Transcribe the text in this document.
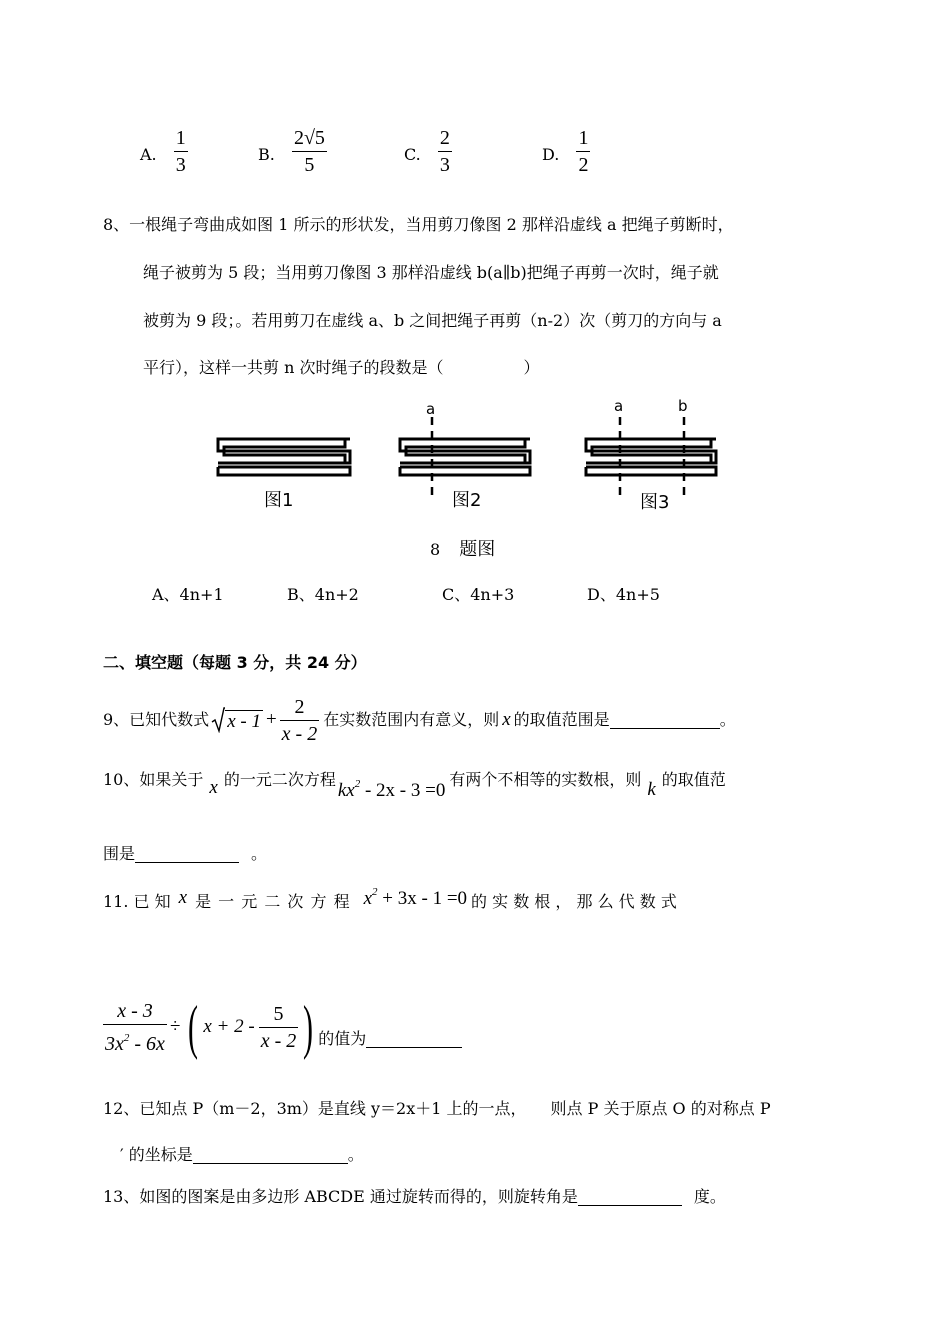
A. $\frac{1}{3}$	B. $\frac{2√5}{5}$	C. $\frac{2}{3}$	D. $\frac{1}{2}$
8、一根绳子弯曲成如图 1 所示的形状发，当用剪刀像图 2 那样沿虚线 a 把绳子剪断时，
绳子被剪为 5 段；当用剪刀像图 3 那样沿虚线 b(a∥b)把绳子再剪一次时，绳子就
被剪为 9 段；。若用剪刀在虚线 a、b 之间把绳子再剪（n-2）次（剪刀的方向与 a
平行），这样一共剪 n 次时绳子的段数是（　　　　　）
图1	图2	图3
a	a	b
8 题图
A、4n+1	B、4n+2	C、4n+3	D、4n+5
二、填空题（每题 3 分，共 24 分）
9、已知代数式 $x - 1 + \frac{2}{x - 2}$ 在实数范围内有意义，则 x 的取值范围是	。
10、如果关于 x 的一元二次方程
$kx^2 - 2x - 3 =0$
有两个不相等的实数根，则 k 的取值范
围是	。
11. 已 知 x 是 一 元 二 次 方 程 $x^2 + 3x - 1 =0$ 的 实 数 根 ， 那 么 代 数 式
$\frac{x - 3}{3x^2 - 6x}$ ÷ ( $x + 2 - \frac{5}{x - 2}$ ) 的值为
12、已知点 P（m－2，3m）是直线 y＝2x＋1 上的一点，　　则点 P 关于原点 O 的对称点 P
′ 的坐标是	。
13、如图的图案是由多边形 ABCDE 通过旋转而得的，则旋转角是	度。
